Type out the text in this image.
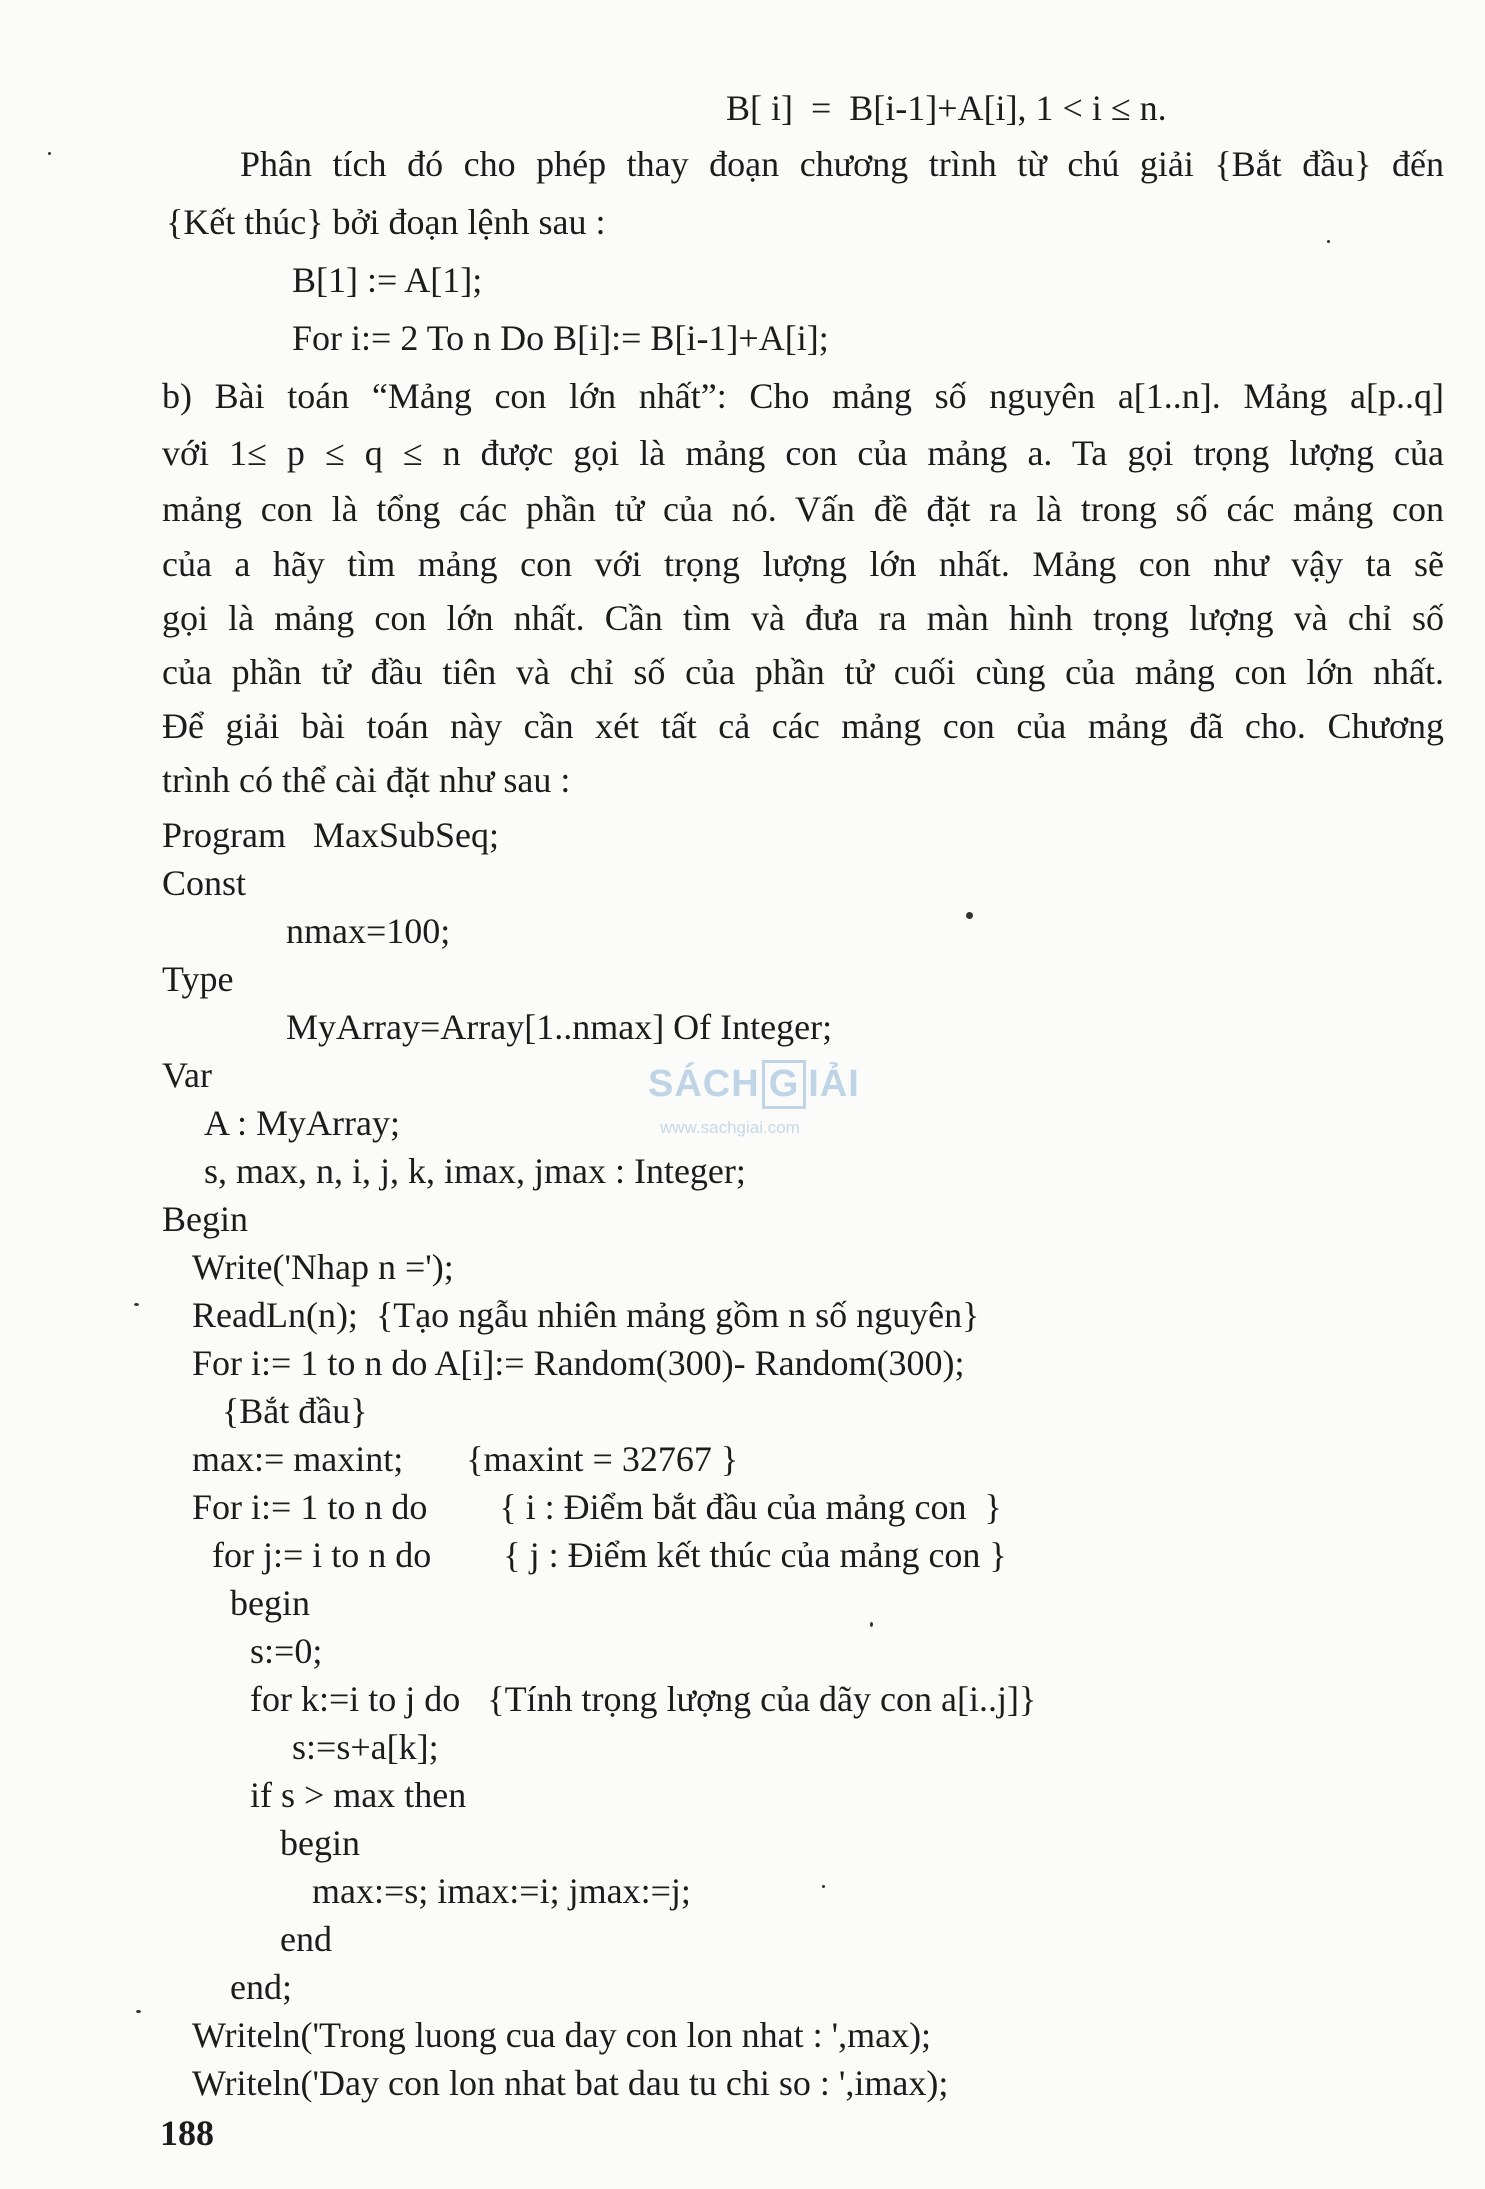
B[ i]  =  B[i-1]+A[i], 1 < i ≤ n.
Phân tích đó cho phép thay đoạn chương trình từ chú giải {Bắt đầu} đến
{Kết thúc} bởi đoạn lệnh sau :
B[1] := A[1];
For i:= 2 To n Do B[i]:= B[i-1]+A[i];
b) Bài toán “Mảng con lớn nhất”: Cho mảng số nguyên a[1..n]. Mảng a[p..q]
với 1≤ p ≤ q ≤ n được gọi là mảng con của mảng a. Ta gọi trọng lượng của
mảng con là tổng các phần tử của nó. Vấn đề đặt ra là trong số các mảng con
của a hãy tìm mảng con với trọng lượng lớn nhất. Mảng con như vậy ta sẽ
gọi là mảng con lớn nhất. Cần tìm và đưa ra màn hình trọng lượng và chỉ số
của phần tử đầu tiên và chỉ số của phần tử cuối cùng của mảng con lớn nhất.
Để giải bài toán này cần xét tất cả các mảng con của mảng đã cho. Chương
trình có thể cài đặt như sau :
Program   MaxSubSeq;
Const
nmax=100;
Type
MyArray=Array[1..nmax] Of Integer;
Var
A : MyArray;
s, max, n, i, j, k, imax, jmax : Integer;
Begin
Write('Nhap n =');
ReadLn(n);  {Tạo ngẫu nhiên mảng gồm n số nguyên}
For i:= 1 to n do A[i]:= Random(300)- Random(300);
{Bắt đầu}
max:= maxint;       {maxint = 32767 }
For i:= 1 to n do        { i : Điểm bắt đầu của mảng con  }
for j:= i to n do        { j : Điểm kết thúc của mảng con }
begin
s:=0;
for k:=i to j do   {Tính trọng lượng của dãy con a[i..j]}
s:=s+a[k];
if s > max then
begin
max:=s; imax:=i; jmax:=j;
end
end;
Writeln('Trong luong cua day con lon nhat : ',max);
Writeln('Day con lon nhat bat dau tu chi so : ',imax);
188
SÁCH G IẢI
www.sachgiai.com
